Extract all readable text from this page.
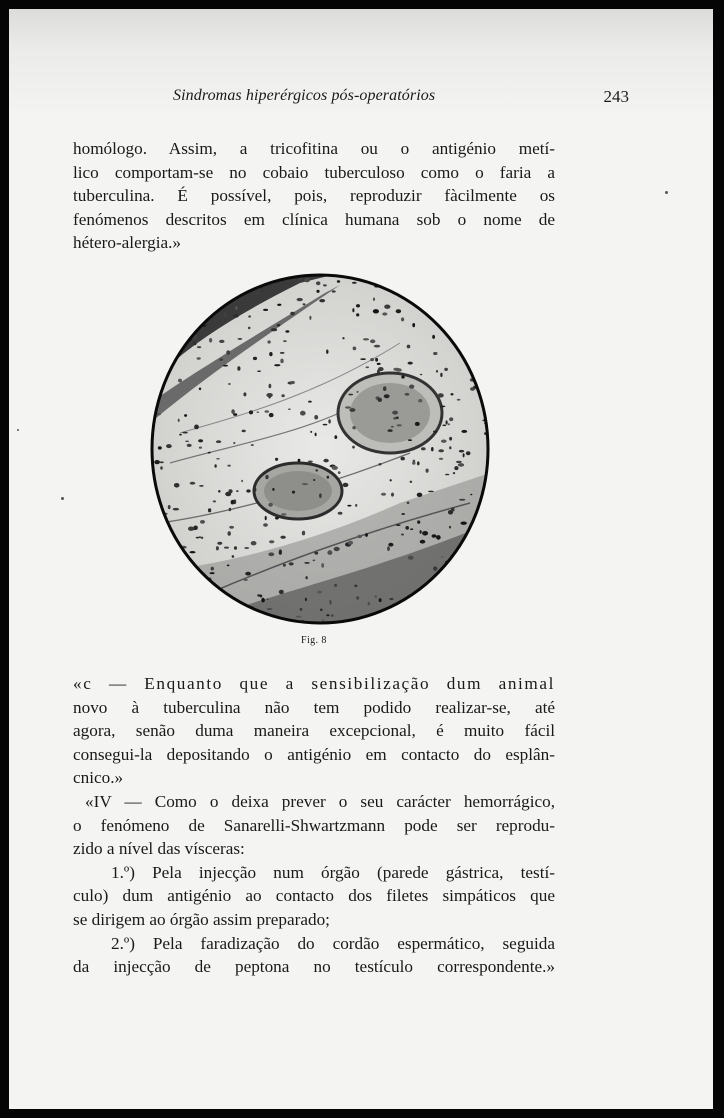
Sindromas hiperérgicos pós-operatórios	243
homólogo. Assim, a tricofitina ou o antigénio metí-
lico comportam-se no cobaio tuberculoso como o faria a
tuberculina. É possível, pois, reproduzir fàcilmente os
fenómenos descritos em clínica humana sob o nome de
hétero-alergia.»
Fig. 8
«c — Enquanto que a sensibilização dum animal
novo à tuberculina não tem podido realizar-se, até
agora, senão duma maneira excepcional, é muito fácil
consegui-la depositando o antigénio em contacto do esplân-
cnico.»
«IV — Como o deixa prever o seu carácter hemorrágico,
o fenómeno de Sanarelli-Shwartzmann pode ser reprodu-
zido a nível das vísceras:
1.º) Pela injecção num órgão (parede gástrica, testí-
culo) dum antigénio ao contacto dos filetes simpáticos que
se dirigem ao órgão assim preparado;
2.º) Pela faradização do cordão espermático, seguida
da injecção de peptona no testículo correspondente.»
